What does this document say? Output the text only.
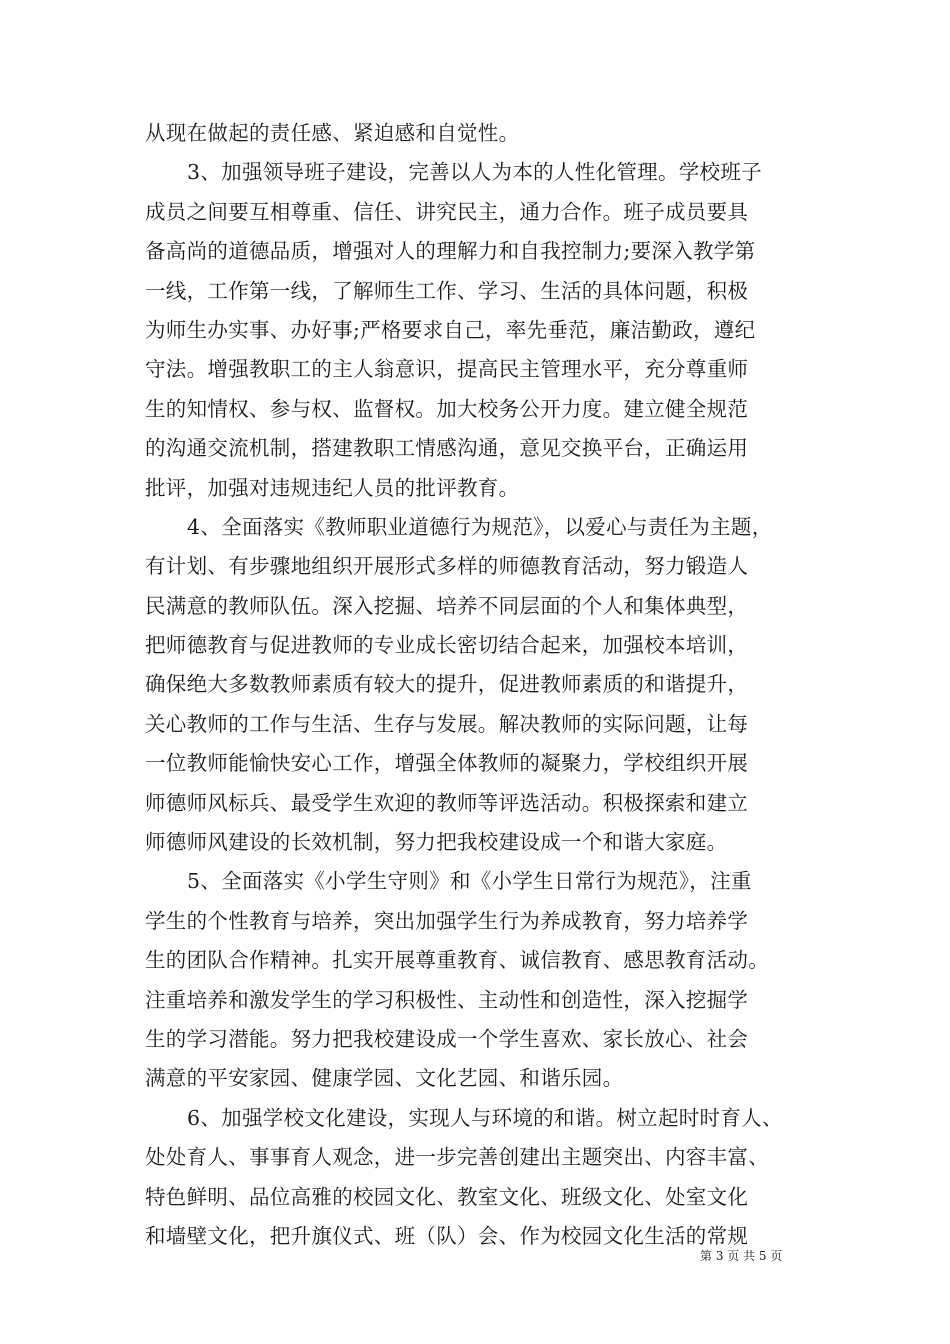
从现在做起的责任感、紧迫感和自觉性。
3、加强领导班子建设，完善以人为本的人性化管理。学校班子
成员之间要互相尊重、信任、讲究民主，通力合作。班子成员要具
备高尚的道德品质，增强对人的理解力和自我控制力;要深入教学第
一线，工作第一线，了解师生工作、学习、生活的具体问题，积极
为师生办实事、办好事;严格要求自己，率先垂范，廉洁勤政，遵纪
守法。增强教职工的主人翁意识，提高民主管理水平，充分尊重师
生的知情权、参与权、监督权。加大校务公开力度。建立健全规范
的沟通交流机制，搭建教职工情感沟通，意见交换平台，正确运用
批评，加强对违规违纪人员的批评教育。
4、全面落实《教师职业道德行为规范》，以爱心与责任为主题，
有计划、有步骤地组织开展形式多样的师德教育活动，努力锻造人
民满意的教师队伍。深入挖掘、培养不同层面的个人和集体典型，
把师德教育与促进教师的专业成长密切结合起来，加强校本培训，
确保绝大多数教师素质有较大的提升，促进教师素质的和谐提升，
关心教师的工作与生活、生存与发展。解决教师的实际问题，让每
一位教师能愉快安心工作，增强全体教师的凝聚力，学校组织开展
师德师风标兵、最受学生欢迎的教师等评选活动。积极探索和建立
师德师风建设的长效机制，努力把我校建设成一个和谐大家庭。
5、全面落实《小学生守则》和《小学生日常行为规范》，注重
学生的个性教育与培养，突出加强学生行为养成教育，努力培养学
生的团队合作精神。扎实开展尊重教育、诚信教育、感思教育活动。
注重培养和激发学生的学习积极性、主动性和创造性，深入挖掘学
生的学习潜能。努力把我校建设成一个学生喜欢、家长放心、社会
满意的平安家园、健康学园、文化艺园、和谐乐园。
6、加强学校文化建设，实现人与环境的和谐。树立起时时育人、
处处育人、事事育人观念，进一步完善创建出主题突出、内容丰富、
特色鲜明、品位高雅的校园文化、教室文化、班级文化、处室文化
和墙壁文化，把升旗仪式、班（队）会、作为校园文化生活的常规
第 3 页 共 5 页
